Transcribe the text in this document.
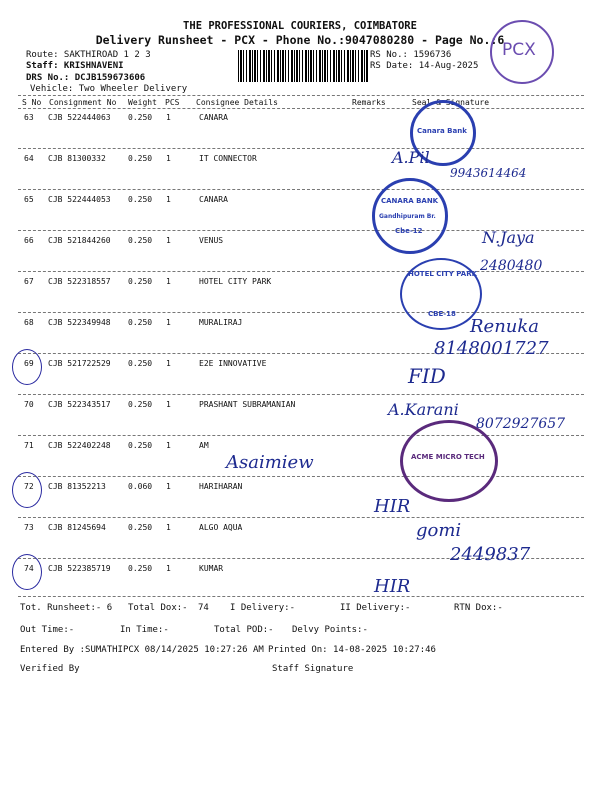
THE PROFESSIONAL COURIERS, COIMBATORE
Delivery Runsheet - PCX - Phone No.:9047080280 - Page No.:6
Route: SAKTHIROAD 1 2 3
Staff: KRISHNAVENI
DRS No.: DCJB159673606
Vehicle: Two Wheeler Delivery
RS No.: 1596736
RS Date: 14-Aug-2025
PCX
S No Consignment No Weight PCS Consignee Details	Remarks	Seal & Signature
63 CJB 522444063 0.250 1	CANARA
64 CJB 81300332	0.250 1	IT CONNECTOR
65 CJB 522444053 0.250 1	CANARA
66 CJB 521844260 0.250 1	VENUS
67 CJB 522318557 0.250 1	HOTEL CITY PARK
68 CJB 522349948 0.250 1	MURALIRAJ
69 CJB 521722529 0.250 1	E2E INNOVATIVE
70 CJB 522343517 0.250 1	PRASHANT SUBRAMANIAN
71 CJB 522402248 0.250 1	AM
72 CJB 81352213	0.060 1	HARIHARAN
73 CJB 81245694	0.250 1	ALGO AQUA
74 CJB 522385719 0.250 1	KUMAR
Canara Bank
CANARA BANK
Gandhipuram Br.
Cbe-12
HOTEL CITY PARK
CBE-18
ACME MICRO TECH
A.Pil
9943614464
N.Jaya
2480480
Renuka
8148001727
FID
A.Karani
8072927657
Asaimiew
HIR
gomi
2449837
HIR
Tot. Runsheet:- 6 Total Dox:- 74 I Delivery:-	II Delivery:-	RTN Dox:-
Out Time:-	In Time:-	Total POD:- Delvy Points:-
Entered By :SUMATHIPCX 08/14/2025 10:27:26 AM Printed On: 14-08-2025 10:27:46
Verified By	Staff Signature
